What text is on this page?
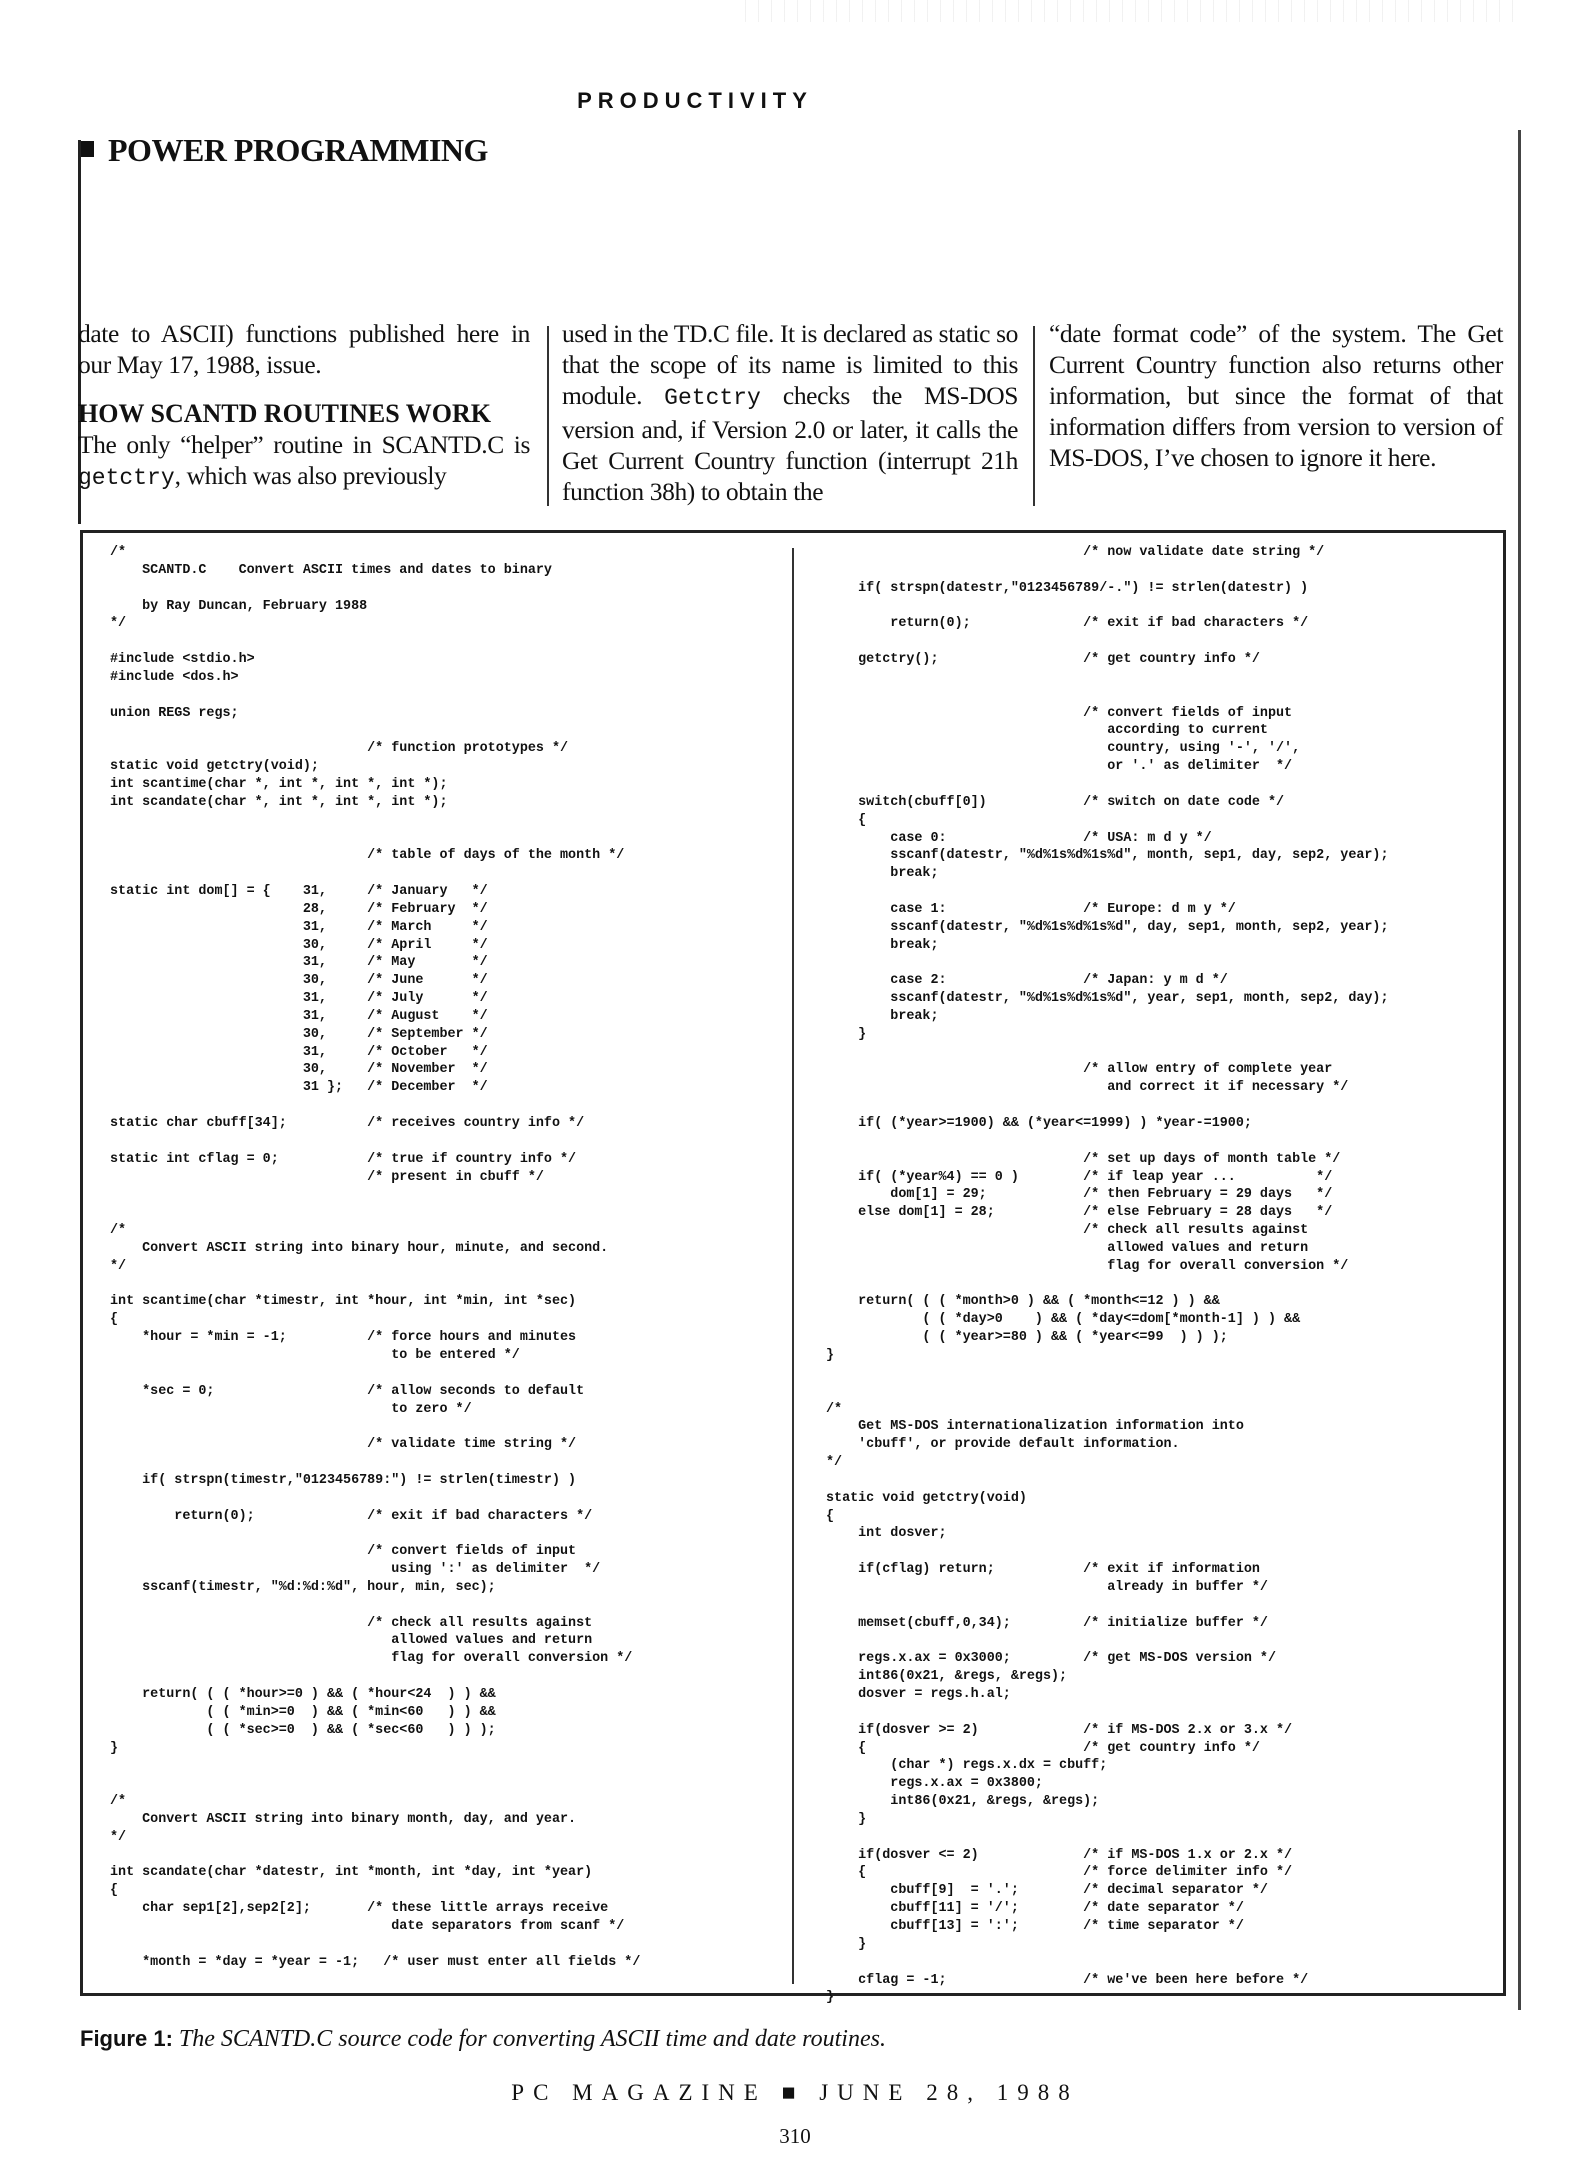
PRODUCTIVITY
POWER PROGRAMMING
date to ASCII) functions published here in our May 17, 1988, issue.
HOW SCANTD ROUTINES WORK
The only “helper” routine in SCANTD.C is getctry, which was also previously
used in the TD.C file. It is declared as static so that the scope of its name is limited to this module. Getctry checks the MS-DOS version and, if Version 2.0 or later, it calls the Get Current Country function (interrupt 21h function 38h) to obtain the
“date format code” of the system. The Get Current Country function also returns other information, but since the format of that information differs from version to version of MS-DOS, I’ve chosen to ignore it here.
/*
SCANTD.C    Convert ASCII times and dates to binary

by Ray Duncan, February 1988
*/

#include <stdio.h>
#include <dos.h>

union REGS regs;

/* function prototypes */
static void getctry(void);
int scantime(char *, int *, int *, int *);
int scandate(char *, int *, int *, int *);

/* table of days of the month */

static int dom[] = {    31,     /* January   */
28,     /* February  */
31,     /* March     */
30,     /* April     */
31,     /* May       */
30,     /* June      */
31,     /* July      */
31,     /* August    */
30,     /* September */
31,     /* October   */
30,     /* November  */
31 };   /* December  */

static char cbuff[34];          /* receives country info */

static int cflag = 0;           /* true if country info */
/* present in cbuff */

/*
Convert ASCII string into binary hour, minute, and second.
*/

int scantime(char *timestr, int *hour, int *min, int *sec)
{
*hour = *min = -1;          /* force hours and minutes
to be entered */

*sec = 0;                   /* allow seconds to default
to zero */

/* validate time string */

if( strspn(timestr,"0123456789:") != strlen(timestr) )

return(0);              /* exit if bad characters */

/* convert fields of input
using ':' as delimiter  */
sscanf(timestr, "%d:%d:%d", hour, min, sec);

/* check all results against
allowed values and return
flag for overall conversion */

return( ( ( *hour>=0 ) && ( *hour<24  ) ) &&
( ( *min>=0  ) && ( *min<60   ) ) &&
( ( *sec>=0  ) && ( *sec<60   ) ) );
}

/*
Convert ASCII string into binary month, day, and year.
*/

int scandate(char *datestr, int *month, int *day, int *year)
{
char sep1[2],sep2[2];       /* these little arrays receive
date separators from scanf */

*month = *day = *year = -1;   /* user must enter all fields */
/* now validate date string */

if( strspn(datestr,"0123456789/-.") != strlen(datestr) )

return(0);              /* exit if bad characters */

getctry();                  /* get country info */

/* convert fields of input
according to current
country, using '-', '/',
or '.' as delimiter  */

switch(cbuff[0])            /* switch on date code */
{
case 0:                 /* USA: m d y */
sscanf(datestr, "%d%1s%d%1s%d", month, sep1, day, sep2, year);
break;

case 1:                 /* Europe: d m y */
sscanf(datestr, "%d%1s%d%1s%d", day, sep1, month, sep2, year);
break;

case 2:                 /* Japan: y m d */
sscanf(datestr, "%d%1s%d%1s%d", year, sep1, month, sep2, day);
break;
}

/* allow entry of complete year
and correct it if necessary */

if( (*year>=1900) && (*year<=1999) ) *year-=1900;

/* set up days of month table */
if( (*year%4) == 0 )        /* if leap year ...          */
dom[1] = 29;            /* then February = 29 days   */
else dom[1] = 28;           /* else February = 28 days   */
/* check all results against
allowed values and return
flag for overall conversion */

return( ( ( *month>0 ) && ( *month<=12 ) ) &&
( ( *day>0    ) && ( *day<=dom[*month-1] ) ) &&
( ( *year>=80 ) && ( *year<=99  ) ) );
}

/*
Get MS-DOS internationalization information into
'cbuff', or provide default information.
*/

static void getctry(void)
{
int dosver;

if(cflag) return;           /* exit if information
already in buffer */

memset(cbuff,0,34);         /* initialize buffer */

regs.x.ax = 0x3000;         /* get MS-DOS version */
int86(0x21, &regs, &regs);
dosver = regs.h.al;

if(dosver >= 2)             /* if MS-DOS 2.x or 3.x */
{                           /* get country info */
(char *) regs.x.dx = cbuff;
regs.x.ax = 0x3800;
int86(0x21, &regs, &regs);
}

if(dosver <= 2)             /* if MS-DOS 1.x or 2.x */
{                           /* force delimiter info */
cbuff[9]  = '.';        /* decimal separator */
cbuff[11] = '/';        /* date separator */
cbuff[13] = ':';        /* time separator */
}

cflag = -1;                 /* we've been here before */
}
Figure 1: The SCANTD.C source code for converting ASCII time and date routines.
PC MAGAZINE ■ JUNE 28, 1988
310
